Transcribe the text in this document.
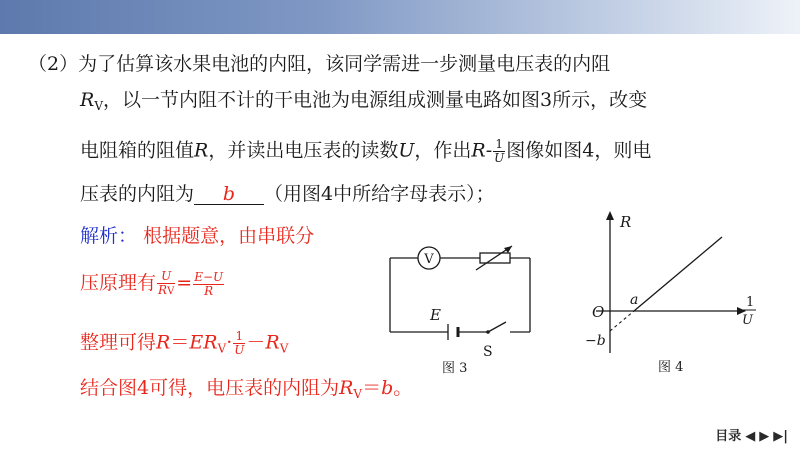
（2）为了估算该水果电池的内阻，该同学需进一步测量电压表的内阻
$R_V$，以一节内阻不计的干电池为电源组成测量电路如图3所示，改变
电阻箱的阻值R，并读出电压表的读数U，作出$R- \frac{1}{U}$ 图像如图4，则电
压表的内阻为 b （用图4中所给字母表示）；
解析： 根据题意，由串联分
压原理有 $\frac{U}{RV} = \frac{E-U}{R}$
整理可得$R=ER_V\cdot \frac{1}{U} -R_V$
结合图4可得，电压表的内阻为$R_V=b$。
V
E
S
图 3
R
O
a
−b
1
U
图 4
目录 ◀ ▶ ▶|
